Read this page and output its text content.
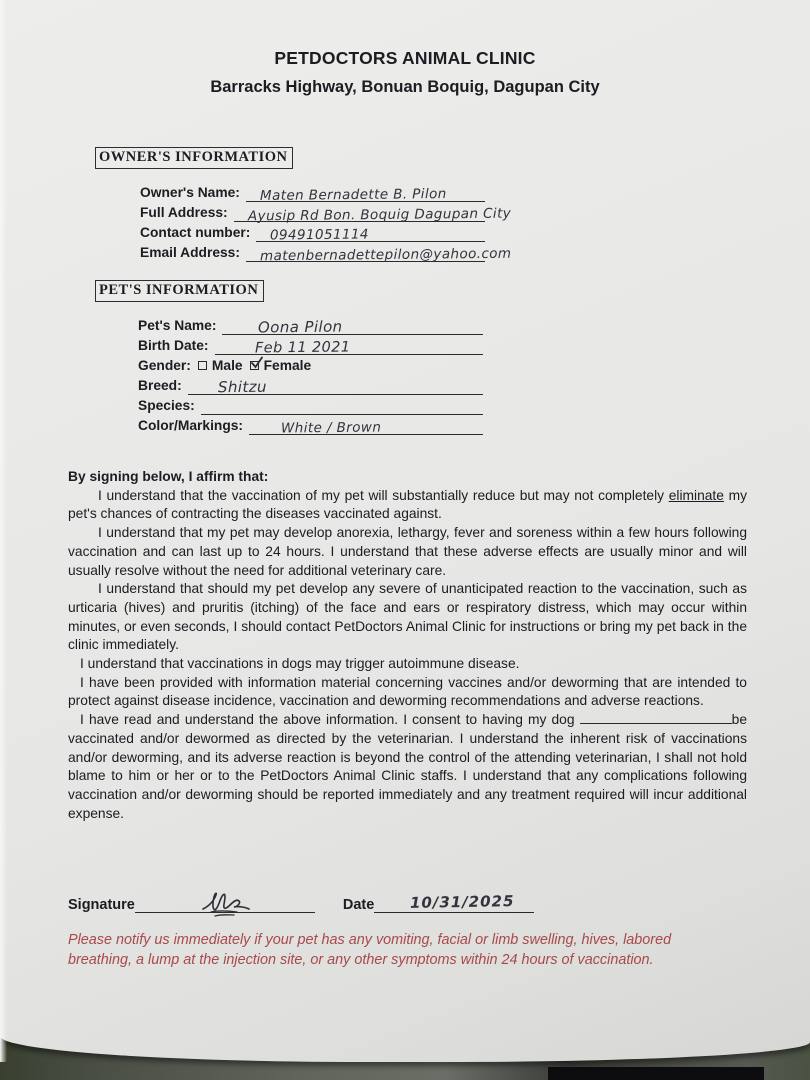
PETDOCTORS ANIMAL CLINIC
Barracks Highway, Bonuan Boquig, Dagupan City
OWNER'S INFORMATION
Owner's Name: Maten Bernadette B. Pilon
Full Address: Ayusip Rd Bon. Boquig Dagupan City
Contact number: 09491051114
Email Address: matenbernadettepilon@yahoo.com
PET'S INFORMATION
Pet's Name:	Oona Pilon
Birth Date:	Feb 11 2021
Gender: Male Female
Breed: Shitzu
Species:
Color/Markings:	White / Brown

By signing below, I affirm that:

I understand that the vaccination of my pet will substantially reduce but may not completely eliminate my pet's chances of contracting the diseases vaccinated against.

I understand that my pet may develop anorexia, lethargy, fever and soreness within a few hours following vaccination and can last up to 24 hours. I understand that these adverse effects are usually minor and will usually resolve without the need for additional veterinary care.

I understand that should my pet develop any severe of unanticipated reaction to the vaccination, such as urticaria (hives) and pruritis (itching) of the face and ears or respiratory distress, which may occur within minutes, or even seconds, I should contact PetDoctors Animal Clinic for instructions or bring my pet back in the clinic immediately.

I understand that vaccinations in dogs may trigger autoimmune disease.

I have been provided with information material concerning vaccines and/or deworming that are intended to protect against disease incidence, vaccination and deworming recommendations and adverse reactions.

I have read and understand the above information. I consent to having my dog	be vaccinated and/or dewormed as directed by the veterinarian. I understand the inherent risk of vaccinations and/or deworming, and its adverse reaction is beyond the control of the attending veterinarian, I shall not hold blame to him or her or to the PetDoctors Animal Clinic staffs. I understand that any complications following vaccination and/or deworming should be reported immediately and any treatment required will incur additional expense.

Signature	Date 10/31/2025
Please notify us immediately if your pet has any vomiting, facial or limb swelling, hives, labored breathing, a lump at the injection site, or any other symptoms within 24 hours of vaccination.
